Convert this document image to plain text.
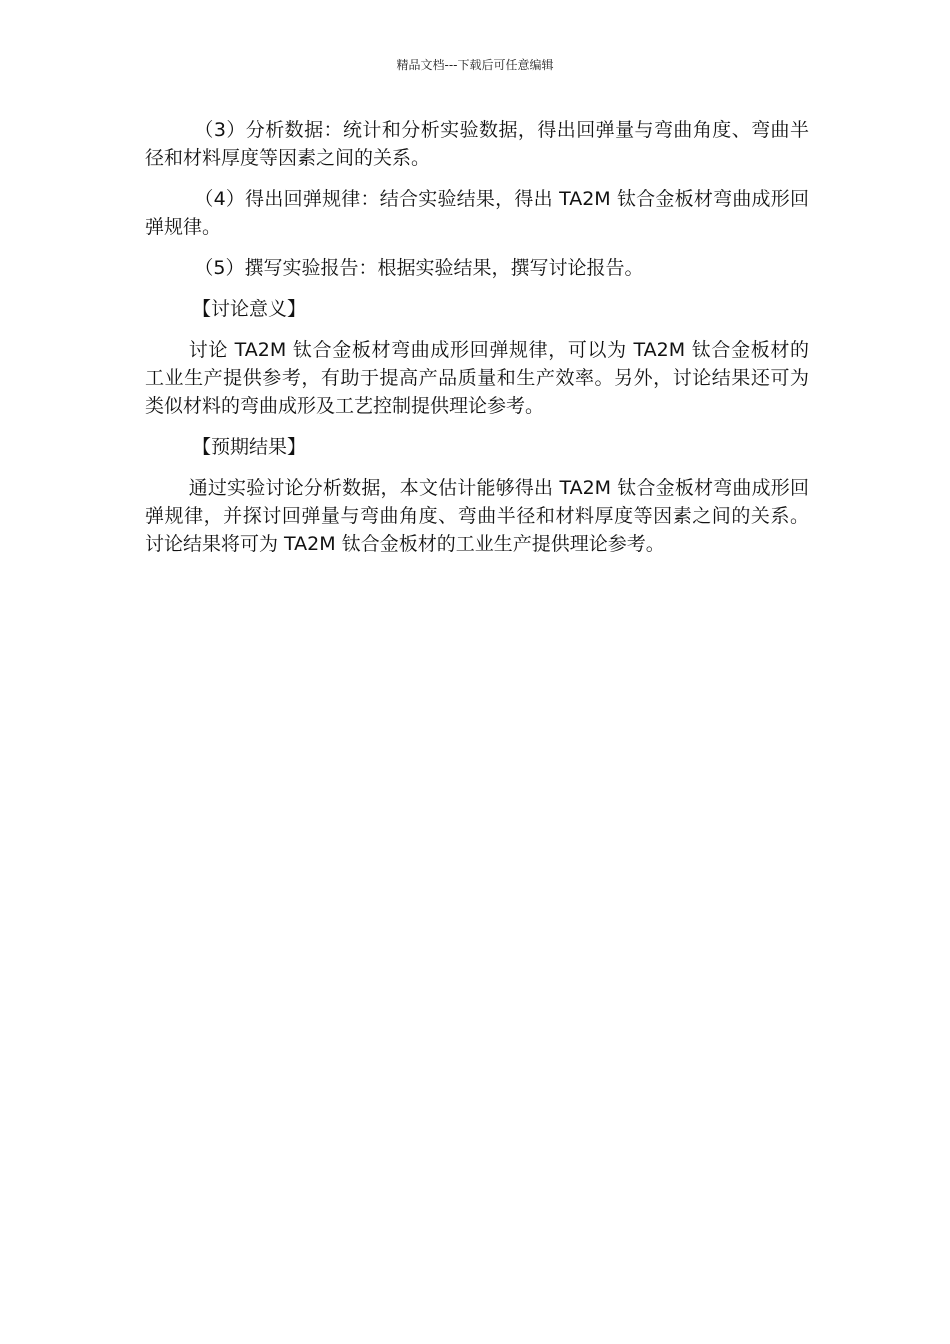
精品文档---下载后可任意编辑

（3）分析数据：统计和分析实验数据，得出回弹量与弯曲角度、弯曲半径和材料厚度等因素之间的关系。

（4）得出回弹规律：结合实验结果，得出 TA2M 钛合金板材弯曲成形回弹规律。

（5）撰写实验报告：根据实验结果，撰写讨论报告。

【讨论意义】

讨论 TA2M 钛合金板材弯曲成形回弹规律，可以为 TA2M 钛合金板材的工业生产提供参考，有助于提高产品质量和生产效率。另外，讨论结果还可为类似材料的弯曲成形及工艺控制提供理论参考。

【预期结果】

通过实验讨论分析数据，本文估计能够得出 TA2M 钛合金板材弯曲成形回弹规律，并探讨回弹量与弯曲角度、弯曲半径和材料厚度等因素之间的关系。讨论结果将可为 TA2M 钛合金板材的工业生产提供理论参考。
